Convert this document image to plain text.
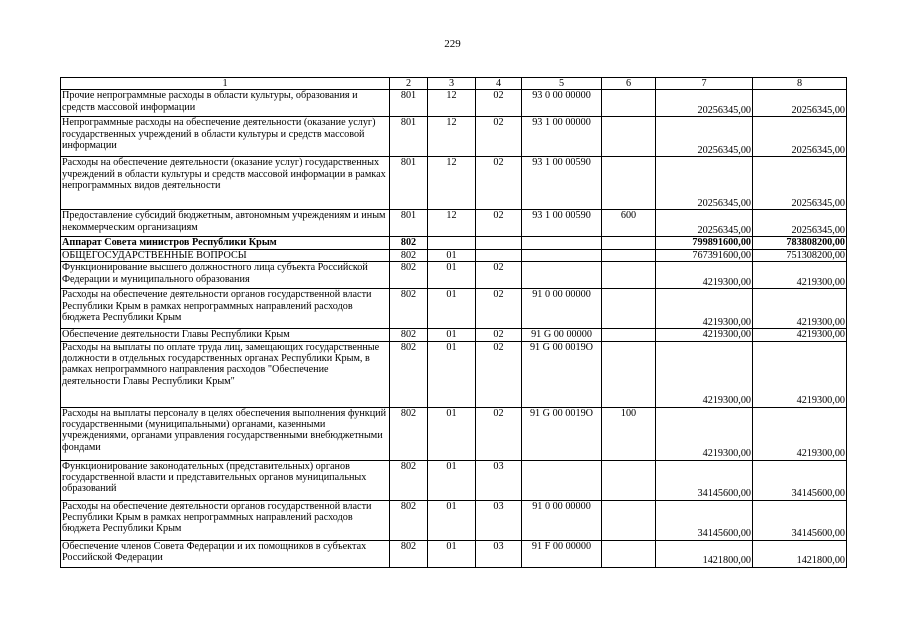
229
1	2	3	4	5	6	7	8
Прочие непрограммные расходы в области культуры, образования и средств массовой информации	801	12	02	93 0 00 00000		20256345,00	20256345,00
Непрограммные расходы на обеспечение деятельности (оказание услуг) государственных учреждений в области культуры и средств массовой информации	801	12	02	93 1 00 00000		20256345,00	20256345,00
Расходы на обеспечение деятельности (оказание услуг) государственных учреждений в области культуры и средств массовой информации в рамках непрограммных видов деятельности	801	12	02	93 1 00 00590		20256345,00	20256345,00
Предоставление субсидий бюджетным, автономным учреждениям и иным некоммерческим организациям	801	12	02	93 1 00 00590	600	20256345,00	20256345,00
Аппарат Совета министров Республики Крым	802					799891600,00	783808200,00
ОБЩЕГОСУДАРСТВЕННЫЕ ВОПРОСЫ	802	01				767391600,00	751308200,00
Функционирование высшего должностного лица субъекта Российской Федерации и муниципального образования	802	01	02			4219300,00	4219300,00
Расходы на обеспечение деятельности органов государственной власти Республики Крым в рамках непрограммных направлений расходов бюджета Республики Крым	802	01	02	91 0 00 00000		4219300,00	4219300,00
Обеспечение деятельности Главы Республики Крым	802	01	02	91 G 00 00000		4219300,00	4219300,00
Расходы на выплаты по оплате труда лиц, замещающих государственные должности в отдельных государственных органах Республики Крым, в рамках непрограммного направления расходов "Обеспечение деятельности Главы Республики Крым"	802	01	02	91 G 00 0019О		4219300,00	4219300,00
Расходы на выплаты персоналу в целях обеспечения выполнения функций государственными (муниципальными) органами, казенными учреждениями, органами управления государственными внебюджетными фондами	802	01	02	91 G 00 0019О	100	4219300,00	4219300,00
Функционирование законодательных (представительных) органов государственной власти и представительных органов муниципальных образований	802	01	03			34145600,00	34145600,00
Расходы на обеспечение деятельности органов государственной власти Республики Крым в рамках непрограммных направлений расходов бюджета Республики Крым	802	01	03	91 0 00 00000		34145600,00	34145600,00
Обеспечение членов Совета Федерации и их помощников в субъектах Российской Федерации	802	01	03	91 F 00 00000		1421800,00	1421800,00
